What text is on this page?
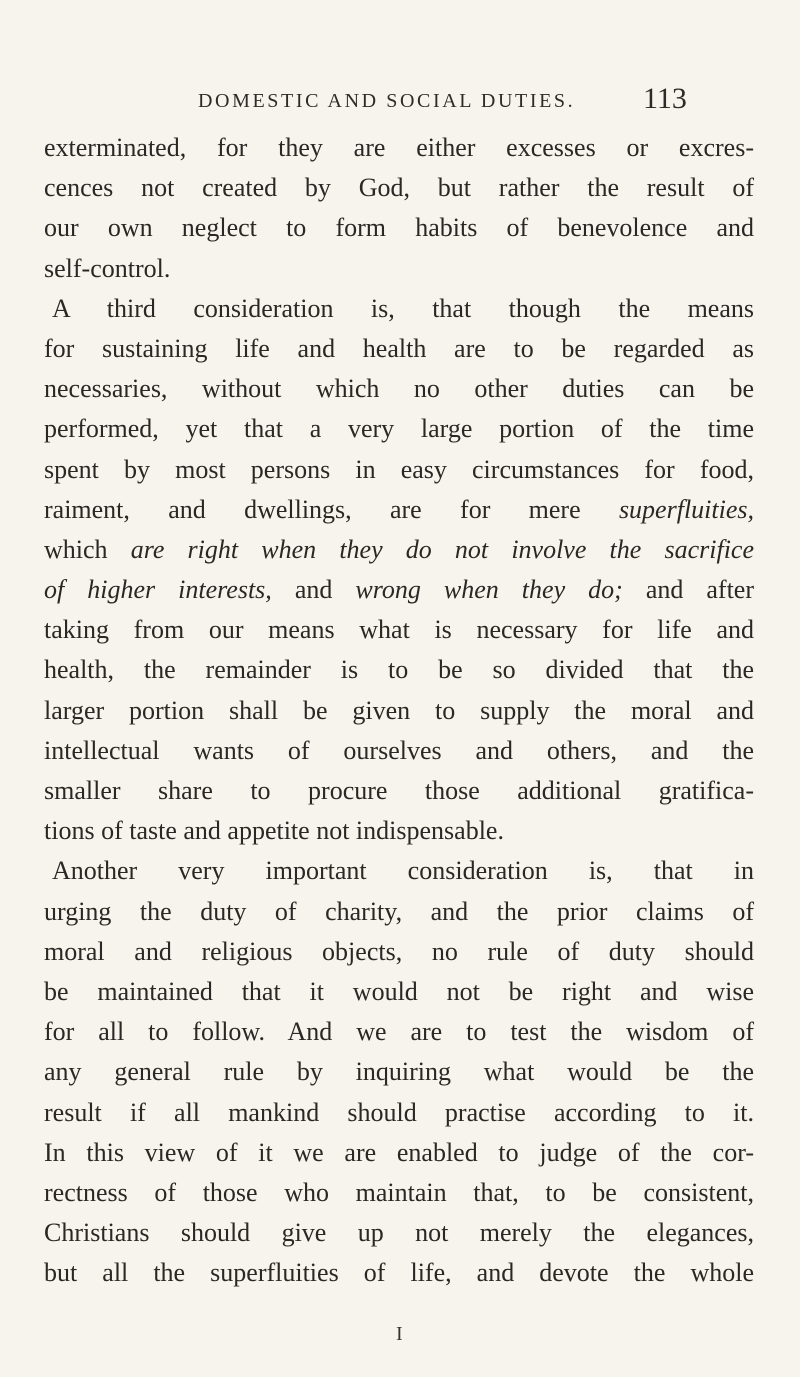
DOMESTIC AND SOCIAL DUTIES. 113
exterminated, for they are either excesses or excres-
cences not created by God, but rather the result of
our own neglect to form habits of benevolence and
self-control.
A third consideration is, that though the means
for sustaining life and health are to be regarded as
necessaries, without which no other duties can be
performed, yet that a very large portion of the time
spent by most persons in easy circumstances for food,
raiment, and dwellings, are for mere superfluities,
which are right when they do not involve the sacrifice
of higher interests, and wrong when they do; and after
taking from our means what is necessary for life and
health, the remainder is to be so divided that the
larger portion shall be given to supply the moral and
intellectual wants of ourselves and others, and the
smaller share to procure those additional gratifica-
tions of taste and appetite not indispensable.
Another very important consideration is, that in
urging the duty of charity, and the prior claims of
moral and religious objects, no rule of duty should
be maintained that it would not be right and wise
for all to follow. And we are to test the wisdom of
any general rule by inquiring what would be the
result if all mankind should practise according to it.
In this view of it we are enabled to judge of the cor-
rectness of those who maintain that, to be consistent,
Christians should give up not merely the elegances,
but all the superfluities of life, and devote the whole
I
